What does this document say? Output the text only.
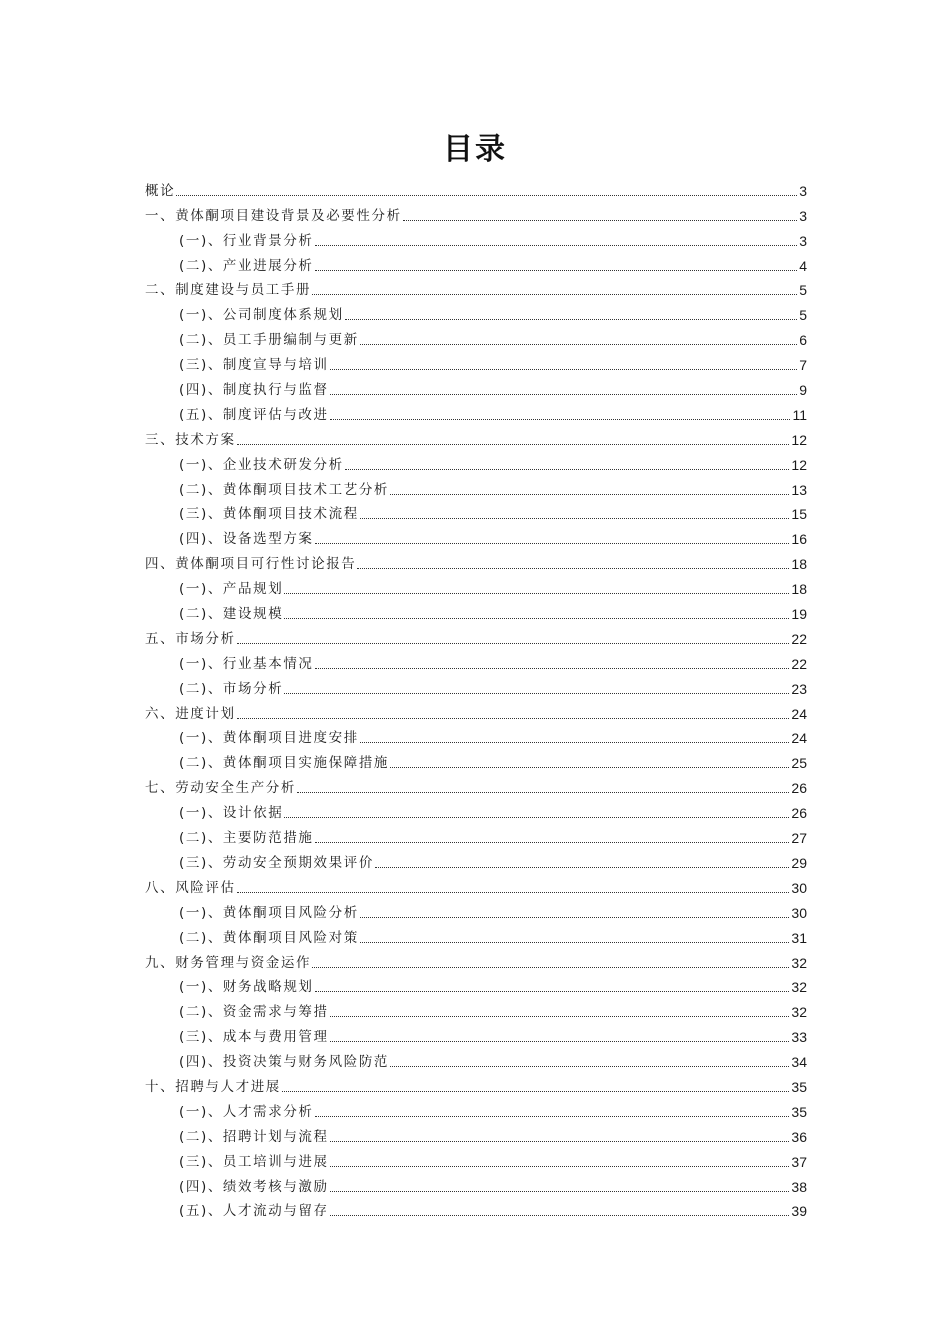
目录
概论	3
一、黄体酮项目建设背景及必要性分析	3
(一)、行业背景分析	3
(二)、产业进展分析	4
二、制度建设与员工手册	5
(一)、公司制度体系规划	5
(二)、员工手册编制与更新	6
(三)、制度宣导与培训	7
(四)、制度执行与监督	9
(五)、制度评估与改进	11
三、技术方案	12
(一)、企业技术研发分析	12
(二)、黄体酮项目技术工艺分析	13
(三)、黄体酮项目技术流程	15
(四)、设备选型方案	16
四、黄体酮项目可行性讨论报告	18
(一)、产品规划	18
(二)、建设规模	19
五、市场分析	22
(一)、行业基本情况	22
(二)、市场分析	23
六、进度计划	24
(一)、黄体酮项目进度安排	24
(二)、黄体酮项目实施保障措施	25
七、劳动安全生产分析	26
(一)、设计依据	26
(二)、主要防范措施	27
(三)、劳动安全预期效果评价	29
八、风险评估	30
(一)、黄体酮项目风险分析	30
(二)、黄体酮项目风险对策	31
九、财务管理与资金运作	32
(一)、财务战略规划	32
(二)、资金需求与筹措	32
(三)、成本与费用管理	33
(四)、投资决策与财务风险防范	34
十、招聘与人才进展	35
(一)、人才需求分析	35
(二)、招聘计划与流程	36
(三)、员工培训与进展	37
(四)、绩效考核与激励	38
(五)、人才流动与留存	39
